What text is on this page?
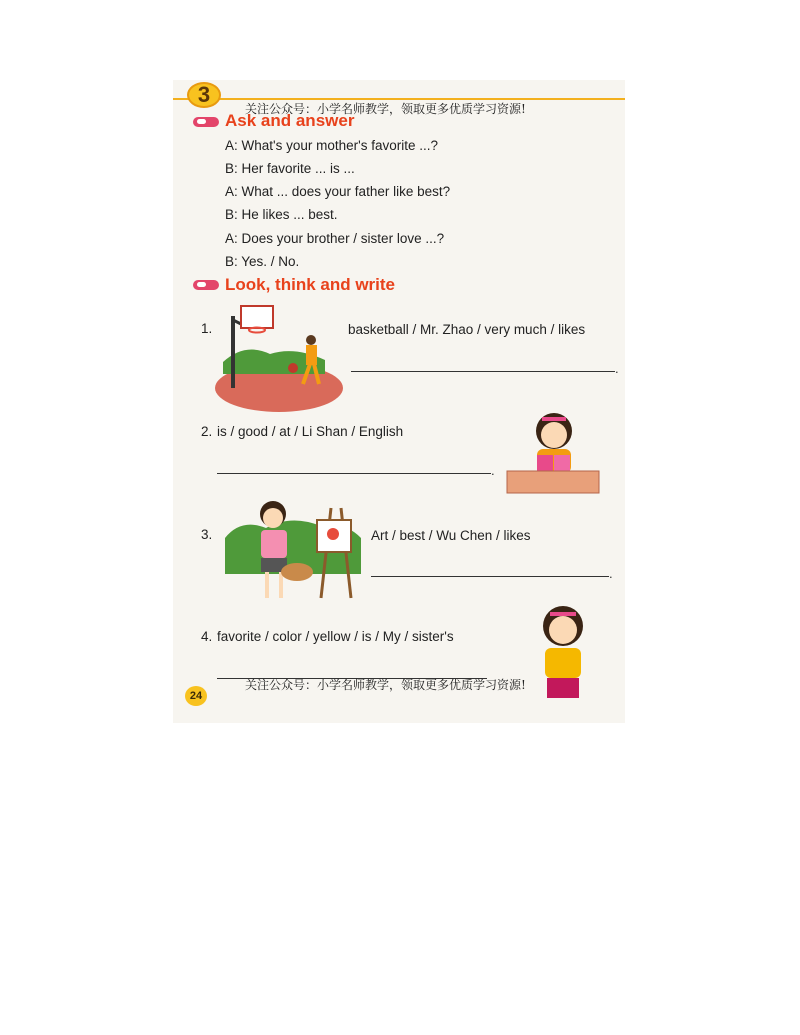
3
关注公众号：小学名师教学，领取更多优质学习资源!
Ask and answer
A: What's your mother's favorite ...?
B: Her favorite ... is ...
A: What ... does your father like best?
B: He likes ... best.
A: Does your brother / sister love ...?
B: Yes. / No.
Look, think and write
1.	basketball / Mr. Zhao / very much / likes
.
2. is / good / at / Li Shan / English
.
3.	Art / best / Wu Chen / likes
.
4. favorite / color / yellow / is / My / sister's
关注公众号：小学名师教学，领取更多优质学习资源!
24
